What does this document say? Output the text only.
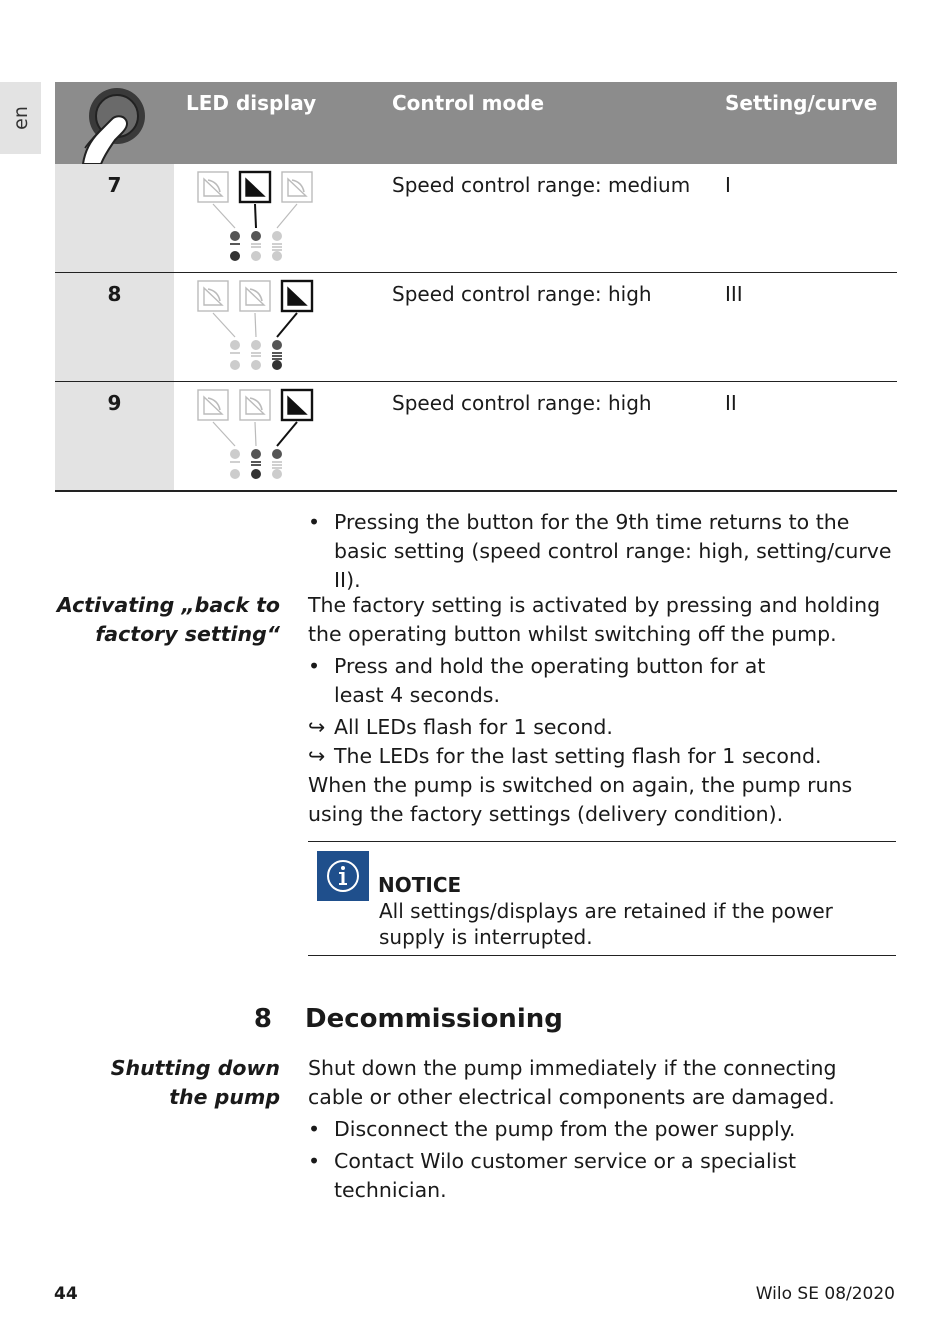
en
	LED display	Control mode	Setting/curve
7		Speed control range: medium	I
8		Speed control range: high	III
9		Speed control range: high	II
• Pressing the button for the 9th time returns to the basic setting (speed control range: high, setting/curve II).
Activating „back to
factory setting“

The factory setting is activated by pressing and holding the operating button whilst switching off the pump.

• Press and hold the operating button for at
least 4 seconds.
↪ All LEDs flash for 1 second.
↪ The LEDs for the last setting flash for 1 second.

When the pump is switched on again, the pump runs using the factory settings (delivery condition).

NOTICE
All settings/displays are retained if the power supply is interrupted.
8 Decommissioning
Shutting down
the pump

Shut down the pump immediately if the connecting cable or other electrical components are damaged.

• Disconnect the pump from the power supply.
• Contact Wilo customer service or a specialist technician.
44	Wilo SE 08/2020
